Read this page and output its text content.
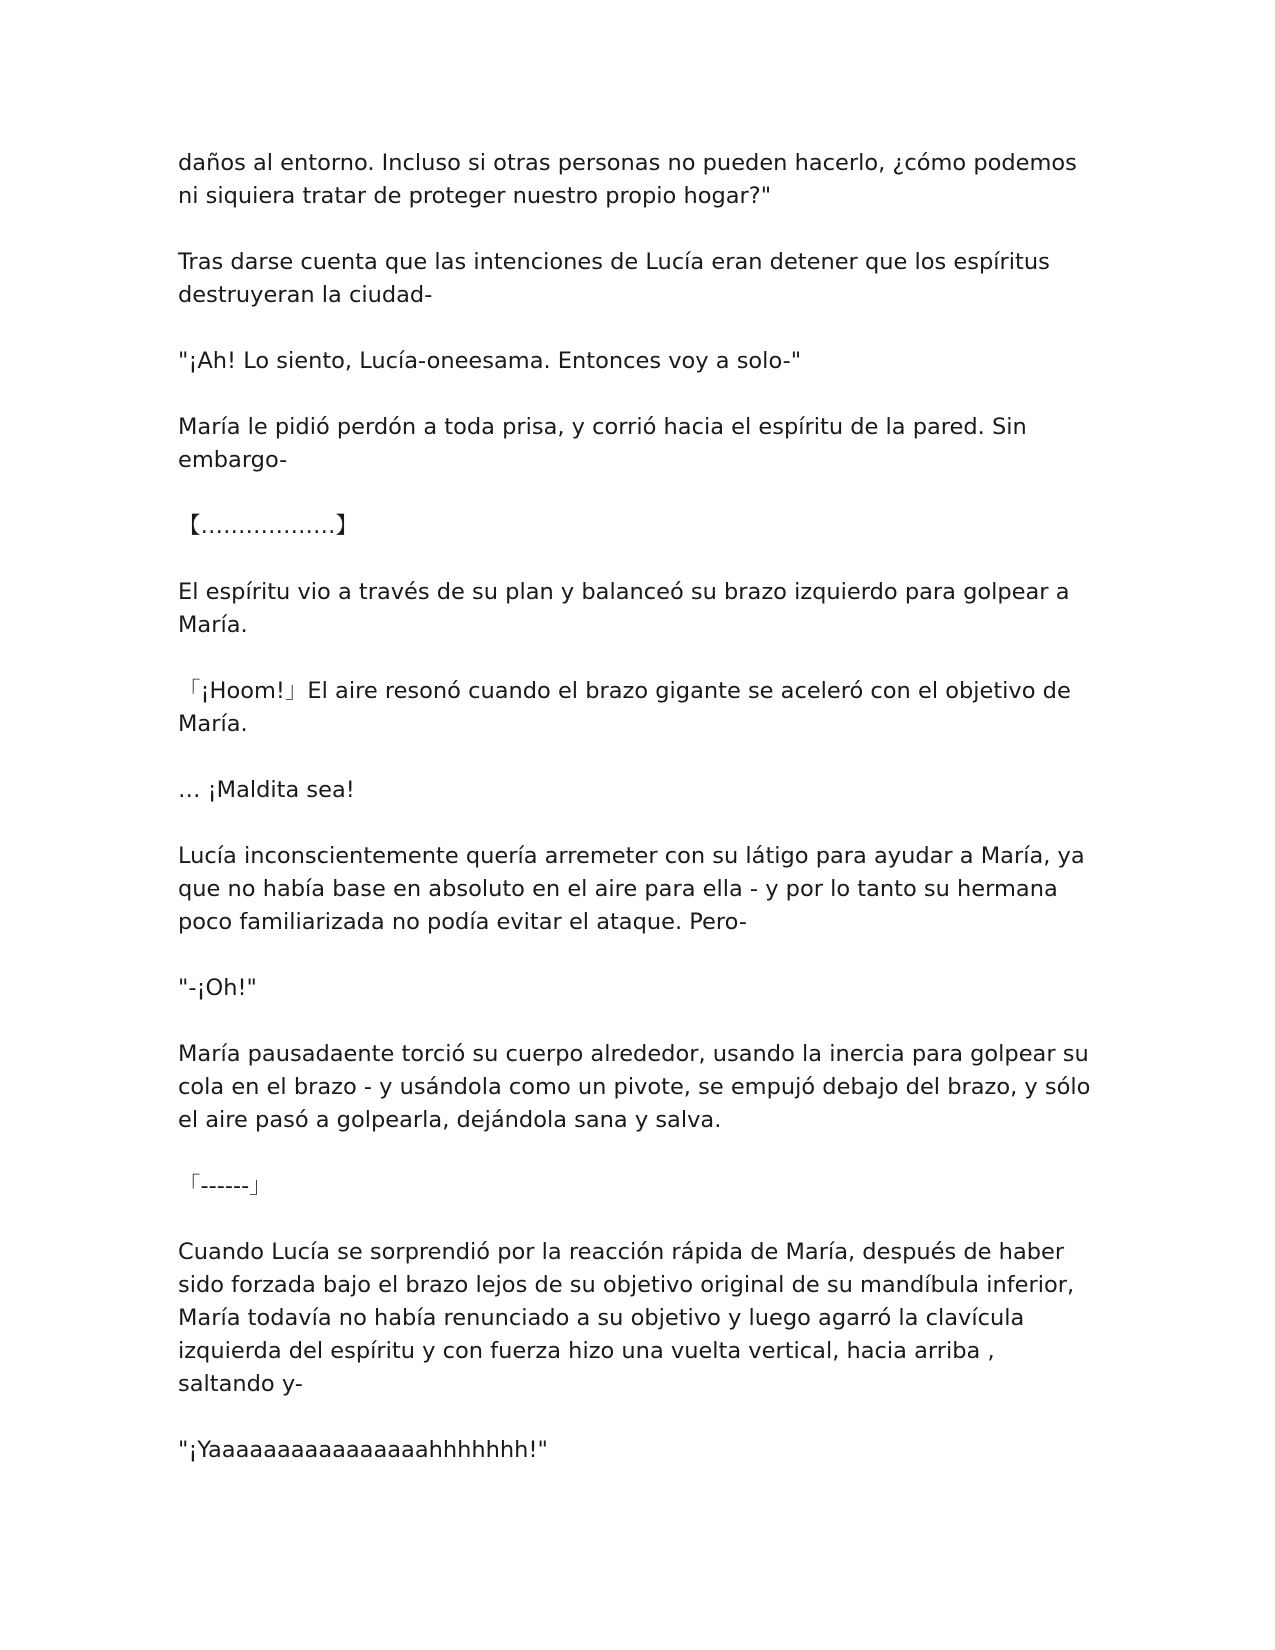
daños al entorno. Incluso si otras personas no pueden hacerlo, ¿cómo podemos ni siquiera tratar de proteger nuestro propio hogar?"

Tras darse cuenta que las intenciones de Lucía eran detener que los espíritus destruyeran la ciudad-

"¡Ah! Lo siento, Lucía-oneesama. Entonces voy a solo-"

María le pidió perdón a toda prisa, y corrió hacia el espíritu de la pared. Sin embargo-

【………………】

El espíritu vio a través de su plan y balanceó su brazo izquierdo para golpear a María.

「¡Hoom!」El aire resonó cuando el brazo gigante se aceleró con el objetivo de María.

… ¡Maldita sea!

Lucía inconscientemente quería arremeter con su látigo para ayudar a María, ya que no había base en absoluto en el aire para ella - y por lo tanto su hermana poco familiarizada no podía evitar el ataque. Pero-

"-¡Oh!"

María pausadaente torció su cuerpo alrededor, usando la inercia para golpear su cola en el brazo - y usándola como un pivote, se empujó debajo del brazo, y sólo el aire pasó a golpearla, dejándola sana y salva.

「------」

Cuando Lucía se sorprendió por la reacción rápida de María, después de haber sido forzada bajo el brazo lejos de su objetivo original de su mandíbula inferior, María todavía no había renunciado a su objetivo y luego agarró la clavícula izquierda del espíritu y con fuerza hizo una vuelta vertical, hacia arriba , saltando y-

"¡Yaaaaaaaaaaaaaaaahhhhhhh!"
